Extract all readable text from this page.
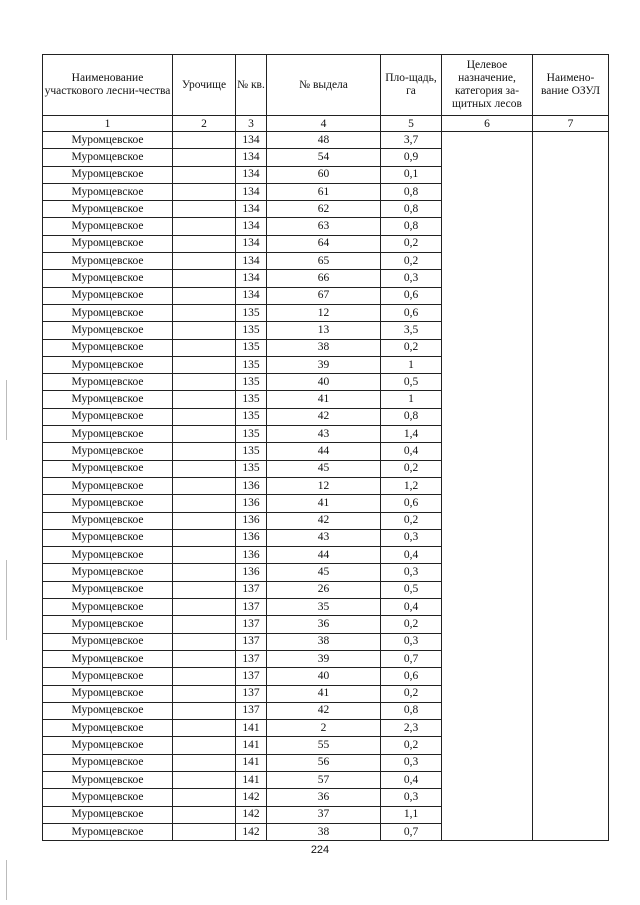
Наименование участкового лесни-чества	Урочище	№ кв.	№ выдела	Пло-щадь, га	Целевое назначение, категория за-щитных лесов	Наимено-вание ОЗУЛ
1	2	3	4	5	6	7
Муромцевское		134	48	3,7		
Муромцевское		134	54	0,9		
Муромцевское		134	60	0,1		
Муромцевское		134	61	0,8		
Муромцевское		134	62	0,8		
Муромцевское		134	63	0,8		
Муромцевское		134	64	0,2		
Муромцевское		134	65	0,2		
Муромцевское		134	66	0,3		
Муромцевское		134	67	0,6		
Муромцевское		135	12	0,6		
Муромцевское		135	13	3,5		
Муромцевское		135	38	0,2		
Муромцевское		135	39	1		
Муромцевское		135	40	0,5		
Муромцевское		135	41	1		
Муромцевское		135	42	0,8		
Муромцевское		135	43	1,4		
Муромцевское		135	44	0,4		
Муромцевское		135	45	0,2		
Муромцевское		136	12	1,2		
Муромцевское		136	41	0,6		
Муромцевское		136	42	0,2		
Муромцевское		136	43	0,3		
Муромцевское		136	44	0,4		
Муромцевское		136	45	0,3		
Муромцевское		137	26	0,5		
Муромцевское		137	35	0,4		
Муромцевское		137	36	0,2		
Муромцевское		137	38	0,3		
Муромцевское		137	39	0,7		
Муромцевское		137	40	0,6		
Муромцевское		137	41	0,2		
Муромцевское		137	42	0,8		
Муромцевское		141	2	2,3		
Муромцевское		141	55	0,2		
Муромцевское		141	56	0,3		
Муромцевское		141	57	0,4		
Муромцевское		142	36	0,3		
Муромцевское		142	37	1,1		
Муромцевское		142	38	0,7		
224
